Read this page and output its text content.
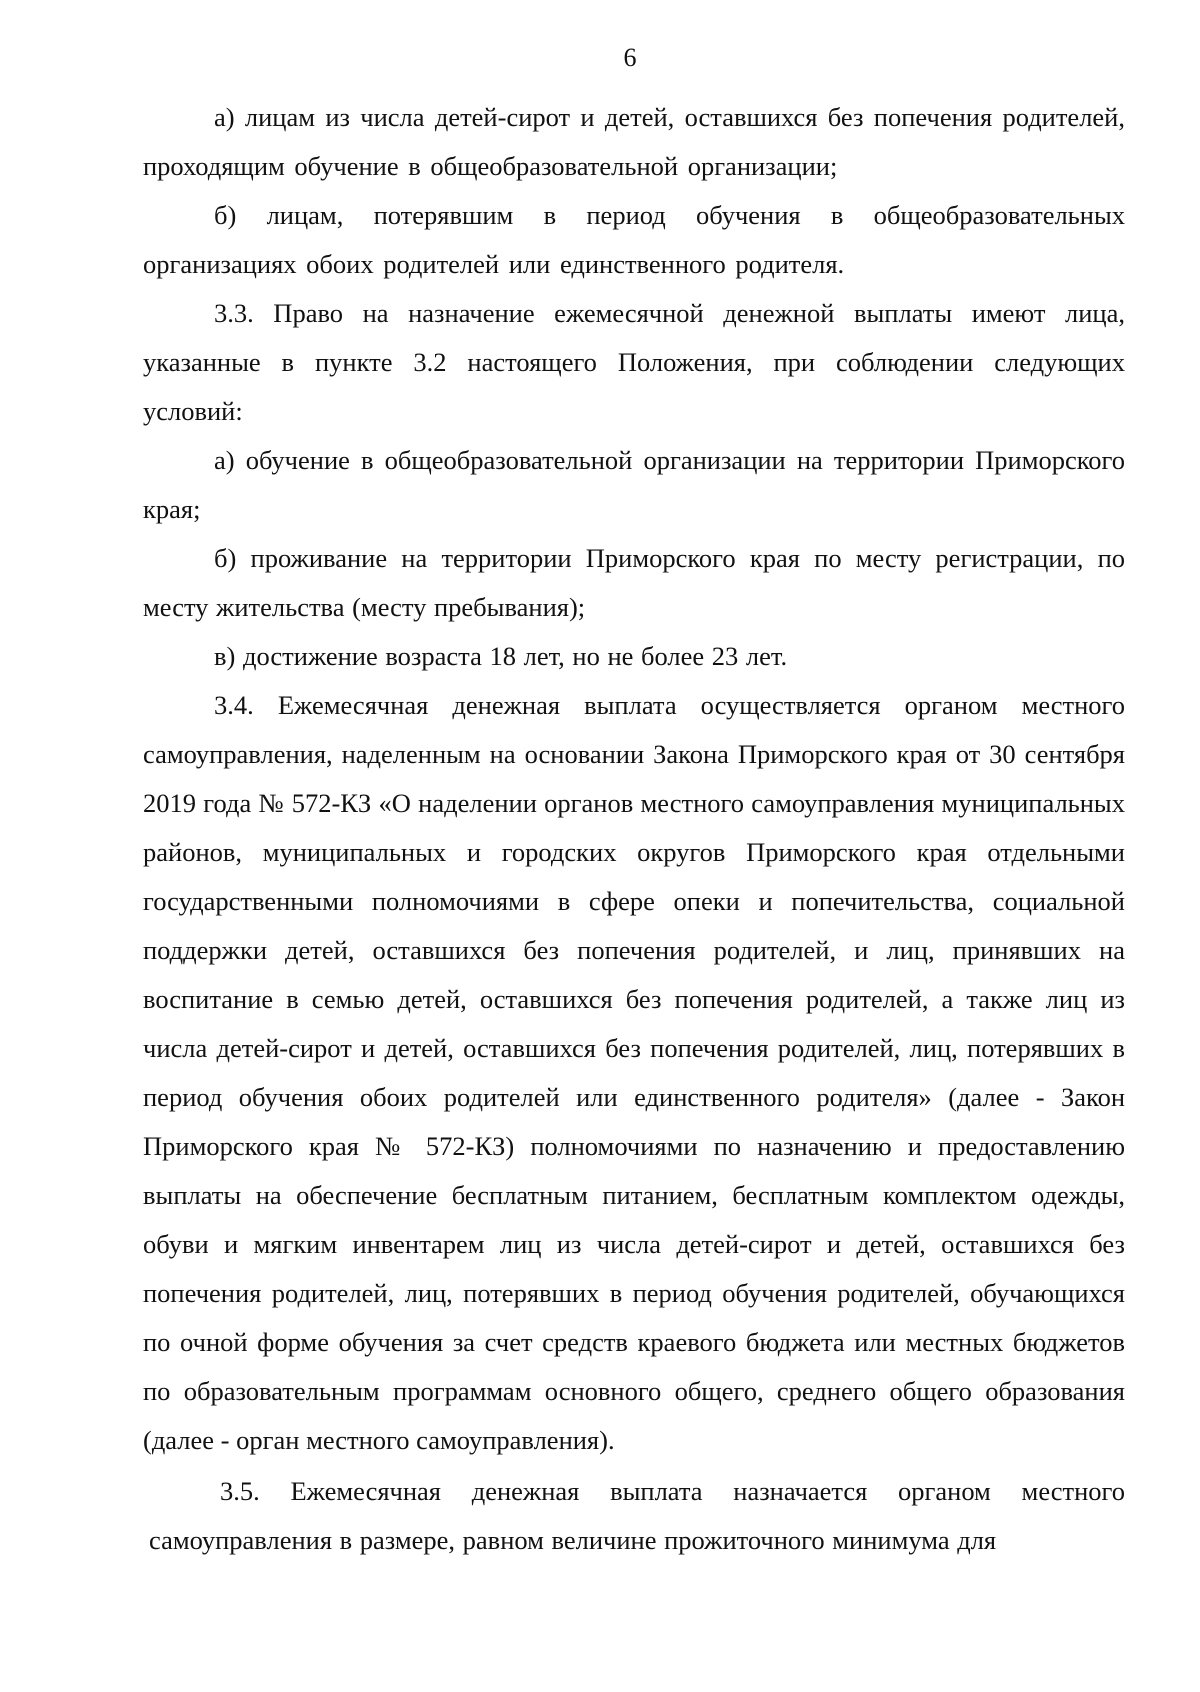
6

а) лицам из числа детей-сирот и детей, оставшихся без попечения родителей, проходящим обучение в общеобразовательной организации;

б) лицам, потерявшим в период обучения в общеобразовательных организациях обоих родителей или единственного родителя.

3.3. Право на назначение ежемесячной денежной выплаты имеют лица, указанные в пункте 3.2 настоящего Положения, при соблюдении следующих условий:

а) обучение в общеобразовательной организации на территории Приморского края;

б) проживание на территории Приморского края по месту регистрации, по месту жительства (месту пребывания);

в) достижение возраста 18 лет, но не более 23 лет.

3.4. Ежемесячная денежная выплата осуществляется органом местного самоуправления, наделенным на основании Закона Приморского края от 30 сентября 2019 года № 572-КЗ «О наделении органов местного самоуправления муниципальных районов, муниципальных и городских округов Приморского края отдельными государственными полномочиями в сфере опеки и попечительства, социальной поддержки детей, оставшихся без попечения родителей, и лиц, принявших на воспитание в семью детей, оставшихся без попечения родителей, а также лиц из числа детей-сирот и детей, оставшихся без попечения родителей, лиц, потерявших в период обучения обоих родителей или единственного родителя» (далее - Закон Приморского края № 572-КЗ) полномочиями по назначению и предоставлению выплаты на обеспечение бесплатным питанием, бесплатным комплектом одежды, обуви и мягким инвентарем лиц из числа детей-сирот и детей, оставшихся без попечения родителей, лиц, потерявших в период обучения родителей, обучающихся по очной форме обучения за счет средств краевого бюджета или местных бюджетов по образовательным программам основного общего, среднего общего образования (далее - орган местного самоуправления).

3.5. Ежемесячная денежная выплата назначается органом местного самоуправления в размере, равном величине прожиточного минимума для
